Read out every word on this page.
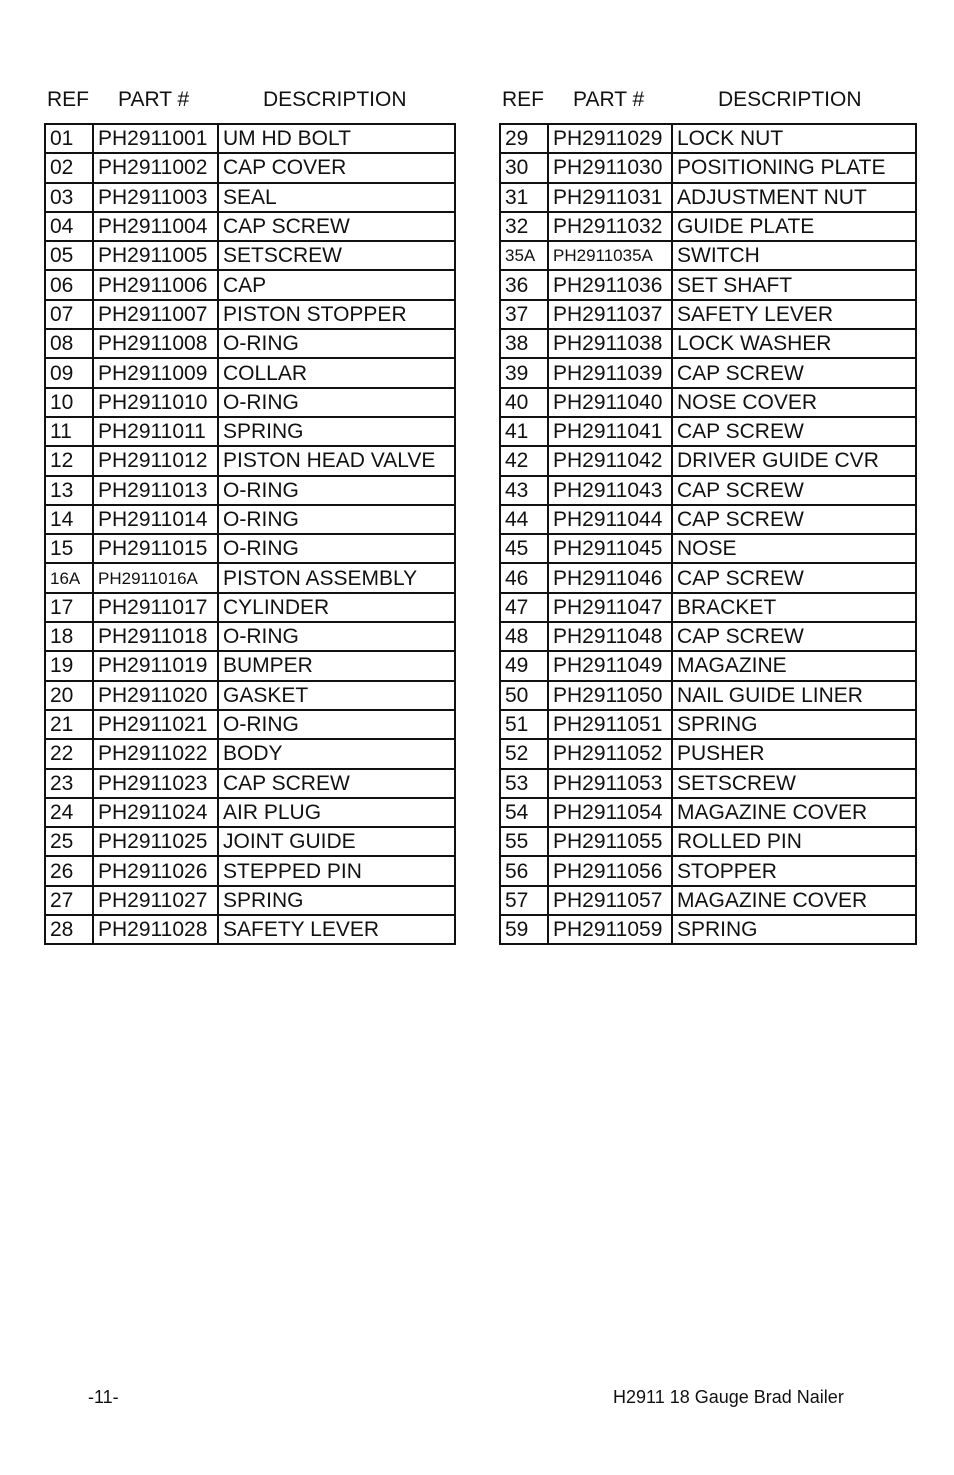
REF PART #	DESCRIPTION	REF PART #	DESCRIPTION
01	PH2911001	UM HD BOLT
02	PH2911002	CAP COVER
03	PH2911003	SEAL
04	PH2911004	CAP SCREW
05	PH2911005	SETSCREW
06	PH2911006	CAP
07	PH2911007	PISTON STOPPER
08	PH2911008	O-RING
09	PH2911009	COLLAR
10	PH2911010	O-RING
11	PH2911011	SPRING
12	PH2911012	PISTON HEAD VALVE
13	PH2911013	O-RING
14	PH2911014	O-RING
15	PH2911015	O-RING
16A	PH2911016A	PISTON ASSEMBLY
17	PH2911017	CYLINDER
18	PH2911018	O-RING
19	PH2911019	BUMPER
20	PH2911020	GASKET
21	PH2911021	O-RING
22	PH2911022	BODY
23	PH2911023	CAP SCREW
24	PH2911024	AIR PLUG
25	PH2911025	JOINT GUIDE
26	PH2911026	STEPPED PIN
27	PH2911027	SPRING
28	PH2911028	SAFETY LEVER
29	PH2911029	LOCK NUT
30	PH2911030	POSITIONING PLATE
31	PH2911031	ADJUSTMENT NUT
32	PH2911032	GUIDE PLATE
35A	PH2911035A	SWITCH
36	PH2911036	SET SHAFT
37	PH2911037	SAFETY LEVER
38	PH2911038	LOCK WASHER
39	PH2911039	CAP SCREW
40	PH2911040	NOSE COVER
41	PH2911041	CAP SCREW
42	PH2911042	DRIVER GUIDE CVR
43	PH2911043	CAP SCREW
44	PH2911044	CAP SCREW
45	PH2911045	NOSE
46	PH2911046	CAP SCREW
47	PH2911047	BRACKET
48	PH2911048	CAP SCREW
49	PH2911049	MAGAZINE
50	PH2911050	NAIL GUIDE LINER
51	PH2911051	SPRING
52	PH2911052	PUSHER
53	PH2911053	SETSCREW
54	PH2911054	MAGAZINE COVER
55	PH2911055	ROLLED PIN
56	PH2911056	STOPPER
57	PH2911057	MAGAZINE COVER
59	PH2911059	SPRING
-11-	H2911 18 Gauge Brad Nailer
